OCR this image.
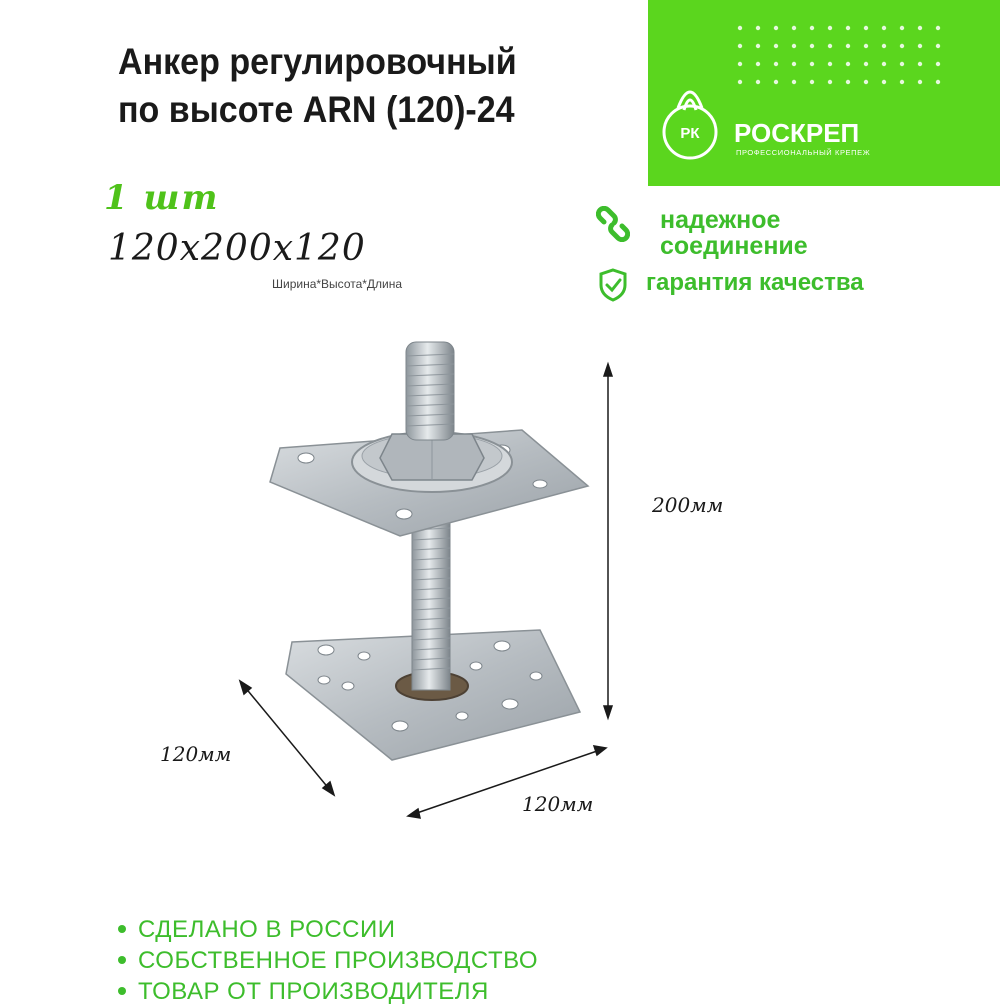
Анкер регулировочный
по высоте ARN (120)-24
РК РОСКРЕП
ПРОФЕССИОНАЛЬНЫЙ КРЕПЕЖ
1 шт
120х200х120
Ширина*Высота*Длина
надежное
соединение
гарантия качества
200мм
120мм
120мм
СДЕЛАНО В РОССИИ
СОБСТВЕННОЕ ПРОИЗВОДСТВО
ТОВАР ОТ ПРОИЗВОДИТЕЛЯ
